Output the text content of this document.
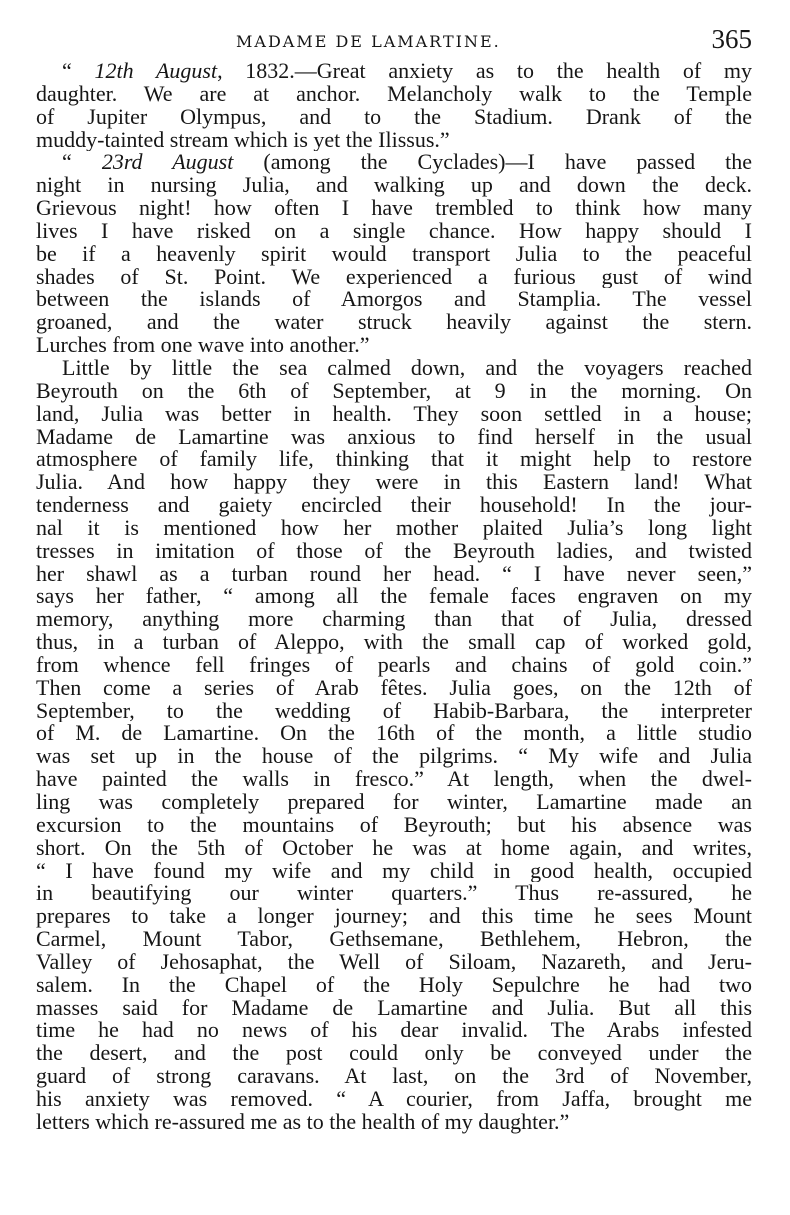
MADAME DE LAMARTINE.	365
“ 12th August, 1832.—Great anxiety as to the health of my
daughter. We are at anchor. Melancholy walk to the Temple
of Jupiter Olympus, and to the Stadium. Drank of the
muddy-tainted stream which is yet the Ilissus.”
“ 23rd August (among the Cyclades)—I have passed the
night in nursing Julia, and walking up and down the deck.
Grievous night! how often I have trembled to think how many
lives I have risked on a single chance. How happy should I
be if a heavenly spirit would transport Julia to the peaceful
shades of St. Point. We experienced a furious gust of wind
between the islands of Amorgos and Stamplia. The vessel
groaned, and the water struck heavily against the stern.
Lurches from one wave into another.”
Little by little the sea calmed down, and the voyagers reached
Beyrouth on the 6th of September, at 9 in the morning. On
land, Julia was better in health. They soon settled in a house;
Madame de Lamartine was anxious to find herself in the usual
atmosphere of family life, thinking that it might help to restore
Julia. And how happy they were in this Eastern land! What
tenderness and gaiety encircled their household! In the jour-
nal it is mentioned how her mother plaited Julia’s long light
tresses in imitation of those of the Beyrouth ladies, and twisted
her shawl as a turban round her head. “ I have never seen,”
says her father, “ among all the female faces engraven on my
memory, anything more charming than that of Julia, dressed
thus, in a turban of Aleppo, with the small cap of worked gold,
from whence fell fringes of pearls and chains of gold coin.”
Then come a series of Arab fêtes. Julia goes, on the 12th of
September, to the wedding of Habib-Barbara, the interpreter
of M. de Lamartine. On the 16th of the month, a little studio
was set up in the house of the pilgrims. “ My wife and Julia
have painted the walls in fresco.” At length, when the dwel-
ling was completely prepared for winter, Lamartine made an
excursion to the mountains of Beyrouth; but his absence was
short. On the 5th of October he was at home again, and writes,
“ I have found my wife and my child in good health, occupied
in beautifying our winter quarters.” Thus re-assured, he
prepares to take a longer journey; and this time he sees Mount
Carmel, Mount Tabor, Gethsemane, Bethlehem, Hebron, the
Valley of Jehosaphat, the Well of Siloam, Nazareth, and Jeru-
salem. In the Chapel of the Holy Sepulchre he had two
masses said for Madame de Lamartine and Julia. But all this
time he had no news of his dear invalid. The Arabs infested
the desert, and the post could only be conveyed under the
guard of strong caravans. At last, on the 3rd of November,
his anxiety was removed. “ A courier, from Jaffa, brought me
letters which re-assured me as to the health of my daughter.”
